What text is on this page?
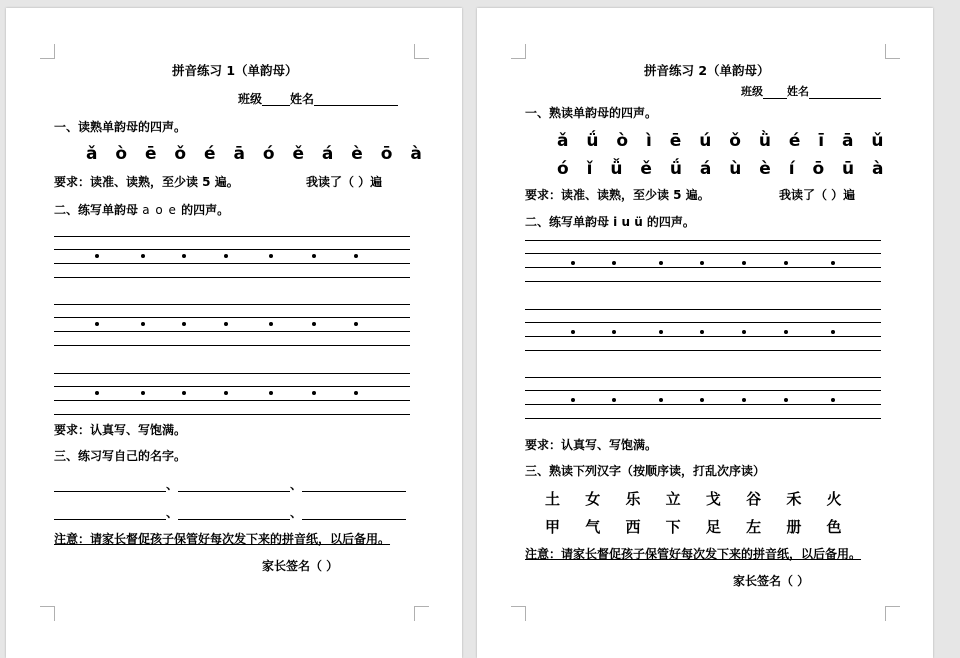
拼音练习 1（单韵母）
班级 姓名
一、读熟单韵母的四声。
ǎ ò ē ǒ é ā ó ě á è ō à
要求：读准、读熟，至少读 5 遍。	我读了（ ）遍
二、练写单韵母 a o e 的四声。
要求：认真写、写饱满。
三、练习写自己的名字。
、	、
、	、
注意：请家长督促孩子保管好每次发下来的拼音纸，以后备用。
家长签名（ ）
拼音练习 2（单韵母）
班级 姓名
一、熟读单韵母的四声。
ǎ ǘ ò ì ē ú ǒ ǜ é ī ā ǔ
ó ǐ ǚ ě ǘ á ù è í ō ū à
要求：读准、读熟，至少读 5 遍。	我读了（ ）遍
二、练写单韵母 i u ü 的四声。
要求：认真写、写饱满。
三、熟读下列汉字（按顺序读，打乱次序读）
土 女 乐 立 戈 谷 禾 火
甲 气 西 下 足 左 册 色
注意：请家长督促孩子保管好每次发下来的拼音纸，以后备用。
家长签名（ ）
